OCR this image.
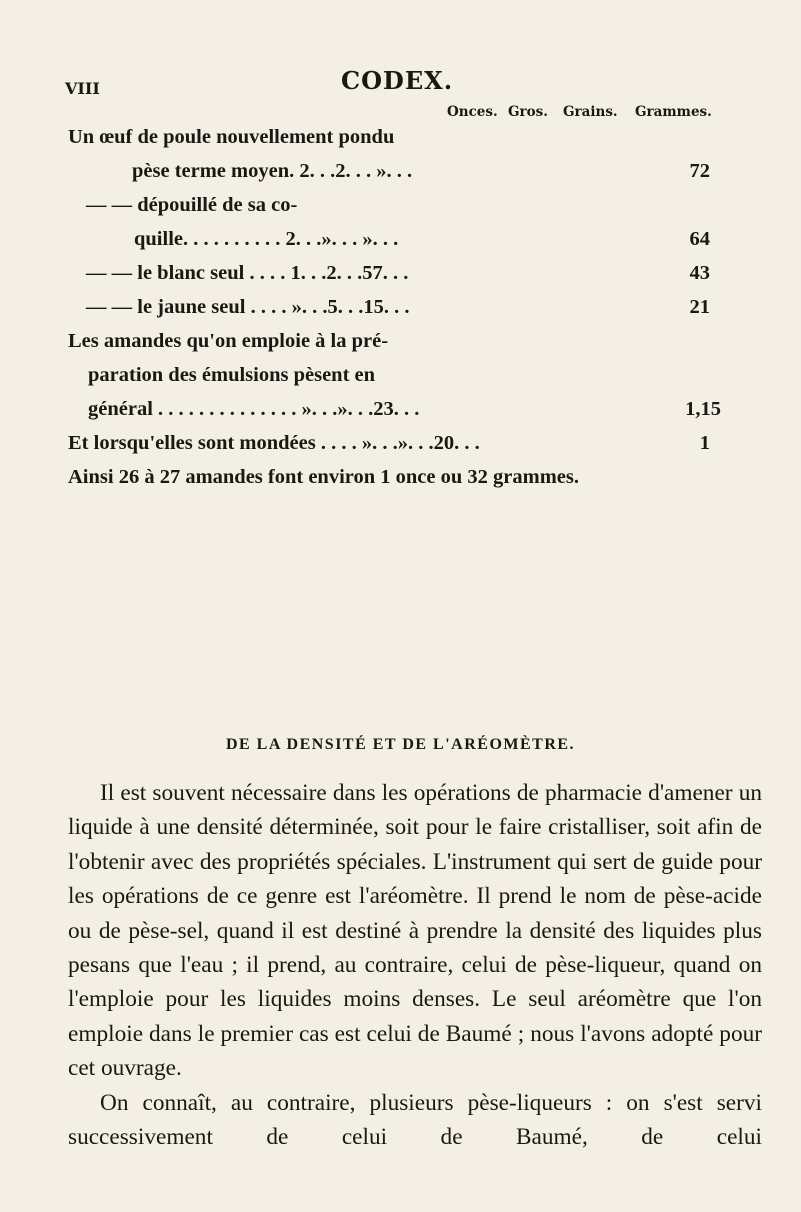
VIII	CODEX.
Onces. Gros. Grains. Grammes.
Un œuf de poule nouvellement pondu
pèse terme moyen. 2. . .2. . . ». . .	72
— — dépouillé de sa co-
quille. . . . . . . . . . 2. . .». . . ». . .	64
— — le blanc seul . . . . 1. . .2. . .57. . .	43
— — le jaune seul . . . . ». . .5. . .15. . .	21
Les amandes qu'on emploie à la pré-
paration des émulsions pèsent en
général . . . . . . . . . . . . . . ». . .». . .23. . .	1,15
Et lorsqu'elles sont mondées . . . . ». . .». . .20. . .	1
Ainsi 26 à 27 amandes font environ 1 once ou 32 grammes.
DE LA DENSITÉ ET DE L'ARÉOMÈTRE.

Il est souvent nécessaire dans les opérations de pharmacie d'amener un liquide à une densité déterminée, soit pour le faire cristalliser, soit afin de l'obtenir avec des propriétés spéciales. L'instrument qui sert de guide pour les opérations de ce genre est l'aréomètre. Il prend le nom de pèse-acide ou de pèse-sel, quand il est destiné à prendre la densité des liquides plus pesans que l'eau ; il prend, au contraire, celui de pèse-liqueur, quand on l'emploie pour les liquides moins denses. Le seul aréomètre que l'on emploie dans le premier cas est celui de Baumé ; nous l'avons adopté pour cet ouvrage.

On connaît, au contraire, plusieurs pèse-liqueurs : on s'est servi successivement de celui de Baumé, de celui
